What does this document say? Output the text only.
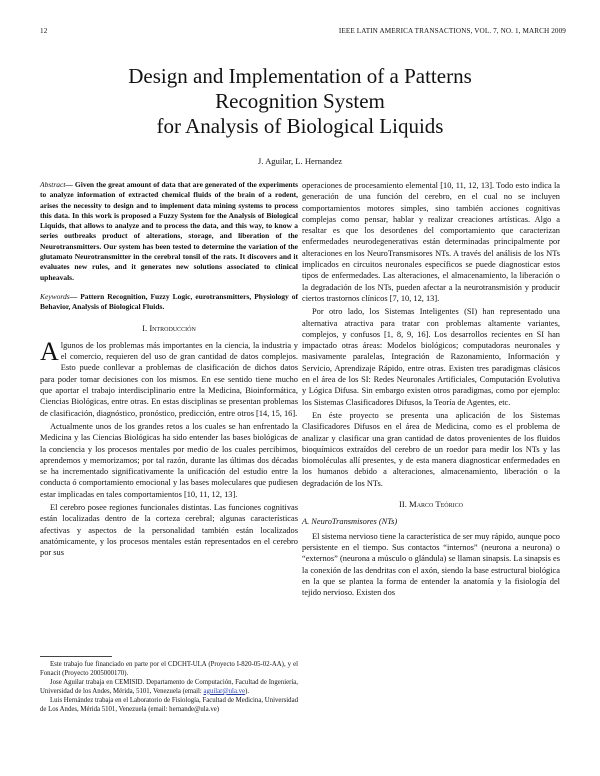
12	IEEE LATIN AMERICA TRANSACTIONS, VOL. 7, NO. 1, MARCH 2009
Design and Implementation of a Patterns
Recognition System
for Analysis of Biological Liquids
J. Aguilar, L. Hernandez

Abstract— Given the great amount of data that are generated of the experiments to analyze information of extracted chemical fluids of the brain of a rodent, arises the necessity to design and to implement data mining systems to process this data. In this work is proposed a Fuzzy System for the Analysis of Biological Liquids, that allows to analyze and to process the data, and this way, to know a series outbreaks product of alterations, storage, and liberation of the Neurotransmitters. Our system has been tested to determine the variation of the glutamato Neurotransmitter in the cerebral tonsil of the rats. It discovers and it evaluates new rules, and it generates new solutions associated to clinical upheavals.

Keywords— Pattern Recognition, Fuzzy Logic, eurotransmitters, Physiology of Behavior, Analysis of Biological Fluids.

I. Introducción

Algunos de los problemas más importantes en la ciencia, la industria y el comercio, requieren del uso de gran cantidad de datos complejos. Esto puede conllevar a problemas de clasificación de dichos datos para poder tomar decisiones con los mismos. En ese sentido tiene mucho que aportar el trabajo interdisciplinario entre la Medicina, Bioinformática, Ciencias Biológicas, entre otras. En estas disciplinas se presentan problemas de clasificación, diagnóstico, pronóstico, predicción, entre otros [14, 15, 16].

Actualmente unos de los grandes retos a los cuales se han enfrentado la Medicina y las Ciencias Biológicas ha sido entender las bases biológicas de la conciencia y los procesos mentales por medio de los cuales percibimos, aprendemos y memorizamos; por tal razón, durante las últimas dos décadas se ha incrementado significativamente la unificación del estudio entre la conducta ó comportamiento emocional y las bases moleculares que pudiesen estar implicadas en tales comportamientos [10, 11, 12, 13].

El cerebro posee regiones funcionales distintas. Las funciones cognitivas están localizadas dentro de la corteza cerebral; algunas características afectivas y aspectos de la personalidad también están localizados anatómicamente, y los procesos mentales están representados en el cerebro por sus

operaciones de procesamiento elemental [10, 11, 12, 13]. Todo esto indica la generación de una función del cerebro, en el cual no se incluyen comportamientos motores simples, sino también acciones cognitivas complejas como pensar, hablar y realizar creaciones artísticas. Algo a resaltar es que los desordenes del comportamiento que caracterizan enfermedades neurodegenerativas están determinadas principalmente por alteraciones en los NeuroTransmisores NTs. A través del análisis de los NTs implicados en circuitos neuronales específicos se puede diagnosticar estos tipos de enfermedades. Las alteraciones, el almacenamiento, la liberación o la degradación de los NTs, pueden afectar a la neurotransmisión y producir ciertos trastornos clínicos [7, 10, 12, 13].

Por otro lado, los Sistemas Inteligentes (SI) han representado una alternativa atractiva para tratar con problemas altamente variantes, complejos, y confusos [1, 8, 9, 16]. Los desarrollos recientes en SI han impactado otras áreas: Modelos biológicos; computadoras neuronales y masivamente paralelas, Integración de Razonamiento, Información y Servicio, Aprendizaje Rápido, entre otras. Existen tres paradigmas clásicos en el área de los SI: Redes Neuronales Artificiales, Computación Evolutiva y Lógica Difusa. Sin embargo existen otros paradigmas, como por ejemplo: los Sistemas Clasificadores Difusos, la Teoría de Agentes, etc.

En éste proyecto se presenta una aplicación de los Sistemas Clasificadores Difusos en el área de Medicina, como es el problema de analizar y clasificar una gran cantidad de datos provenientes de los fluidos bioquímicos extraídos del cerebro de un roedor para medir los NTs y las biomoléculas allí presentes, y de esta manera diagnosticar enfermedades en los humanos debido a alteraciones, almacenamiento, liberación o la degradación de los NTs.

II. Marco Teórico
A. NeuroTransmisores (NTs)

El sistema nervioso tiene la característica de ser muy rápido, aunque poco persistente en el tiempo. Sus contactos “internos” (neurona a neurona) o “externos” (neurona a músculo o glándula) se llaman sinapsis. La sinapsis es la conexión de las dendritas con el axón, siendo la base estructural biológica en la que se plantea la forma de entender la anatomía y la fisiología del tejido nervioso. Existen dos

Este trabajo fue financiado en parte por el CDCHT-ULA (Proyecto I-820-05-02-AA), y el Fonacit (Proyecto 2005000170).

Jose Aguilar trabaja en CEMISID. Departamento de Computación, Facultad de Ingeniería, Universidad de los Andes, Mérida, 5101, Venezuela (email: aguilar@ula.ve).

Luis Hernández trabaja en el Laboratorio de Fisiología, Facultad de Medicina, Universidad de Los Andes, Mérida 5101, Venezuela (email: hernande@ula.ve)
